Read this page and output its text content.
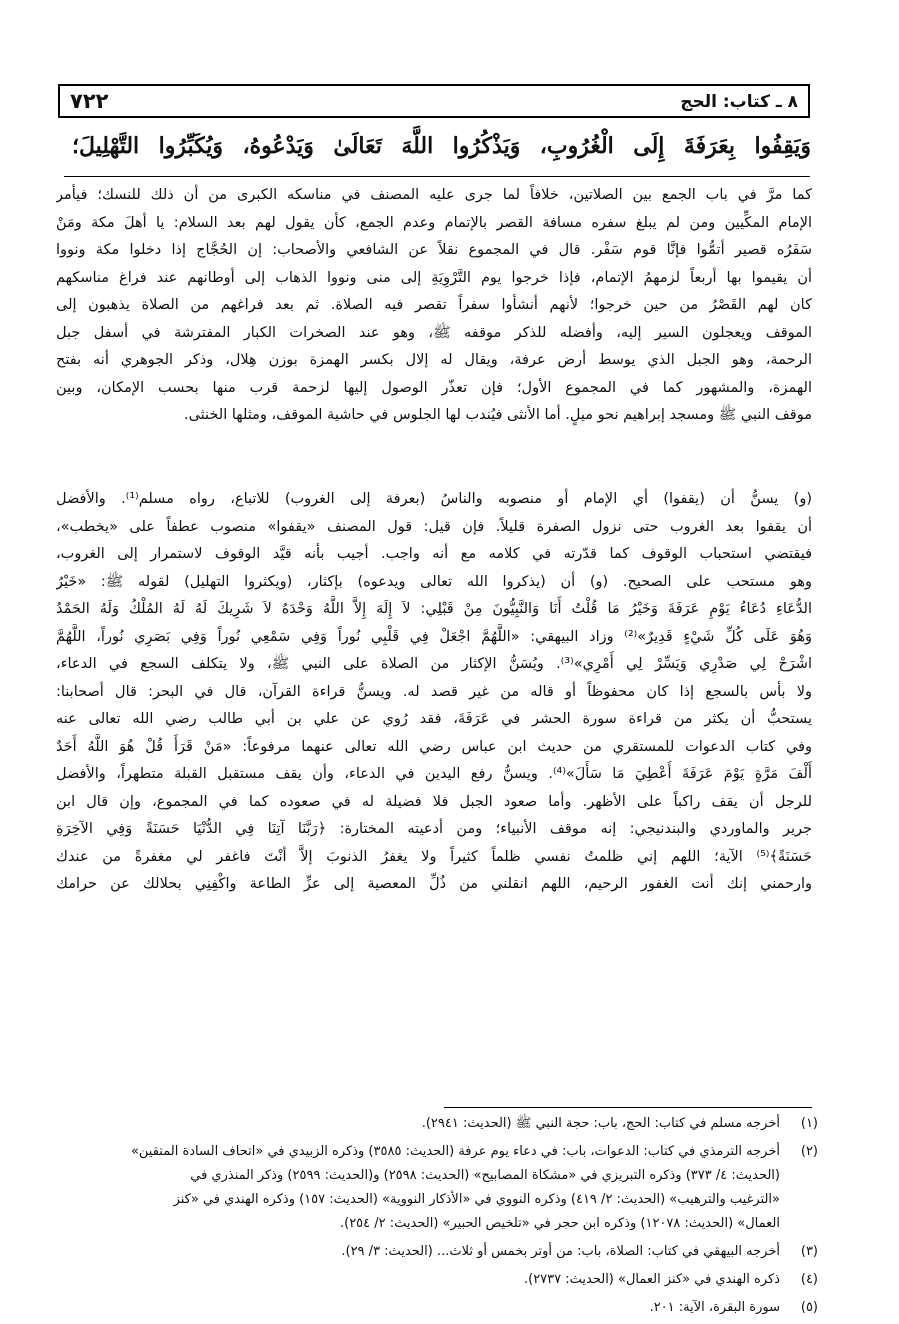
٧٢٢	٨ ـ كتاب: الحج
وَيَقِفُوا بِعَرَفَةَ إِلَى الْغُرُوبِ، وَيَذْكُرُوا اللَّهَ تَعَالَىٰ وَيَدْعُوهُ، وَيُكَبِّرُوا التَّهْلِيلَ؛
كما مرَّ في باب الجمع بين الصلاتين، خلافاً لما جرى عليه المصنف في مناسكه الكبرى من أن ذلك للنسك؛ فيأمر
الإمام المكِّيين ومن لم يبلغ سفره مسافة القصر بالإتمام وعدم الجمع، كأن يقول لهم بعد السلام: يا أهلَ مكة ومَنْ
سَفَرُه قصير أتمُّوا فإنَّا قوم سَفْر. قال في المجموع نقلاً عن الشافعي والأصحاب: إن الحُجَّاج إذا دخلوا مكة ونووا
أن يقيموا بها أربعاً لزمهمُ الإتمام، فإذا خرجوا يوم التَّرْوِيَةِ إلى منى ونووا الذهاب إلى أوطانهم عند فراغ مناسكهم
كان لهم القَصْرُ من حين خرجوا؛ لأنهم أنشأوا سفراً تقصر فيه الصلاة. ثم بعد فراغهم من الصلاة يذهبون إلى
الموقف ويعجلون السير إليه، وأفضله للذكر موقفه ﷺ، وهو عند الصخرات الكبار المفترشة في أسفل جبل
الرحمة، وهو الجبل الذي يوسط أرض عرفة، ويقال له إلال بكسر الهمزة بوزن هِلال، وذكر الجوهري أنه بفتح
الهمزة، والمشهور كما في المجموع الأول؛ فإن تعذّر الوصول إليها لزحمة قرب منها بحسب الإمكان، وبين
موقف النبي ﷺ ومسجد إبراهيم نحو ميلٍ. أما الأنثى فيُندب لها الجلوس في حاشية الموقف، ومثلها الخنثى.
(و) يسنُّ أن (يقفوا) أي الإمام أو منصوبه والناسُ (بعرفة إلى الغروب) للاتباع، رواه مسلم⁽¹⁾. والأفضل
أن يقفوا بعد الغروب حتى نزول الصفرة قليلاً. فإن قيل: قول المصنف «يقفوا» منصوب عطفاً على «يخطب»،
فيقتضي استحباب الوقوف كما قدّرته في كلامه مع أنه واجب. أجيب بأنه قيَّد الوقوف لاستمرار إلى الغروب،
وهو مستحب على الصحيح. (و) أن (يذكروا الله تعالى ويدعوه) بإكثار، (ويكثروا التهليل) لقوله ﷺ: «خَيْرُ
الدُّعَاءِ دُعَاءُ يَوْمِ عَرَفَةَ وَخَيْرُ مَا قُلْتُ أَنَا وَالنَّبِيُّونَ مِنْ قَبْلِي: لاَ إِلَهَ إِلاَّ اللَّهُ وَحْدَهُ لاَ شَرِيكَ لَهُ لَهُ المُلْكُ وَلَهُ الحَمْدُ
وَهُوَ عَلَى كُلِّ شَيْءٍ قَدِيرٌ»⁽²⁾ وزاد البيهقي: «اللَّهُمَّ اجْعَلْ فِي قَلْبِي نُوراً وَفِي سَمْعِي نُوراً وَفِي بَصَرِي نُوراً، اللَّهُمَّ
اشْرَحْ لِي صَدْرِي وَيَسِّرْ لِي أَمْرِي»⁽³⁾. ويُسَنُّ الإكثار من الصلاة على النبي ﷺ، ولا يتكلف السجع في الدعاء،
ولا بأس بالسجع إذا كان محفوظاً أو قاله من غير قصد له. ويسنُّ قراءة القرآن، قال في البحر: قال أصحابنا:
يستحبُّ أن يكثر من قراءة سورة الحشر في عَرَفَةَ، فقد رُوي عن علي بن أبي طالب رضي الله تعالى عنه
وفي كتاب الدعوات للمستقري من حديث ابن عباس رضي الله تعالى عنهما مرفوعاً: «مَنْ قَرَأَ قُلْ هُوَ اللَّهُ أَحَدٌ
أَلْفَ مَرَّةٍ يَوْمَ عَرَفَةَ أُعْطِيَ مَا سَأَلَ»⁽⁴⁾. ويسنُّ رفع اليدين في الدعاء، وأن يقف مستقبل القبلة متطهراً، والأفضل
للرجل أن يقف راكباً على الأظهر. وأما صعود الجبل فلا فضيلة له في صعوده كما في المجموع، وإن قال ابن
جرير والماوردي والبندنيجي: إنه موقف الأنبياء؛ ومن أدعيته المختارة: ﴿رَبَّنَا آتِنَا فِي الدُّنْيَا حَسَنَةً وَفِي الآخِرَةِ
حَسَنَةً﴾⁽⁵⁾ الآية؛ اللهم إني ظلمتُ نفسي ظلماً كثيراً ولا يغفرُ الذنوبَ إلاَّ أنْتَ فاغفر لي مغفرةً من عندك
وارحمني إنك أنت الغفور الرحيم، اللهم انقلني من ذُلِّ المعصية إلى عزِّ الطاعة واكْفِنِي بحلالك عن حرامك
(١)
أخرجه مسلم في كتاب: الحج، باب: حجة النبي ﷺ (الحديث: ٢٩٤١).
(٢)
أخرجه الترمذي في كتاب: الدعوات، باب: في دعاء يوم عرفة (الحديث: ٣٥٨٥) وذكره الزبيدي في «اتحاف السادة المتقين»
(الحديث: ٤/ ٣٧٣) وذكره التبريزي في «مشكاة المصابيح» (الحديث: ٢٥٩٨) و(الحديث: ٢٥٩٩) وذكر المنذري في
«الترغيب والترهيب» (الحديث: ٢/ ٤١٩) وذكره النووي في «الأذكار النووية» (الحديث: ١٥٧) وذكره الهندي في «كنز
العمال» (الحديث: ١٢٠٧٨) وذكره ابن حجر في «تلخيص الحبير» (الحديث: ٢/ ٢٥٤).
(٣)
أخرجه البيهقي في كتاب: الصلاة، باب: من أوتر بخمس أو ثلاث... (الحديث: ٣/ ٢٩).
(٤)
ذكره الهندي في «كنز العمال» (الحديث: ٢٧٣٧).
(٥)
سورة البقرة، الآية: ٢٠١.
